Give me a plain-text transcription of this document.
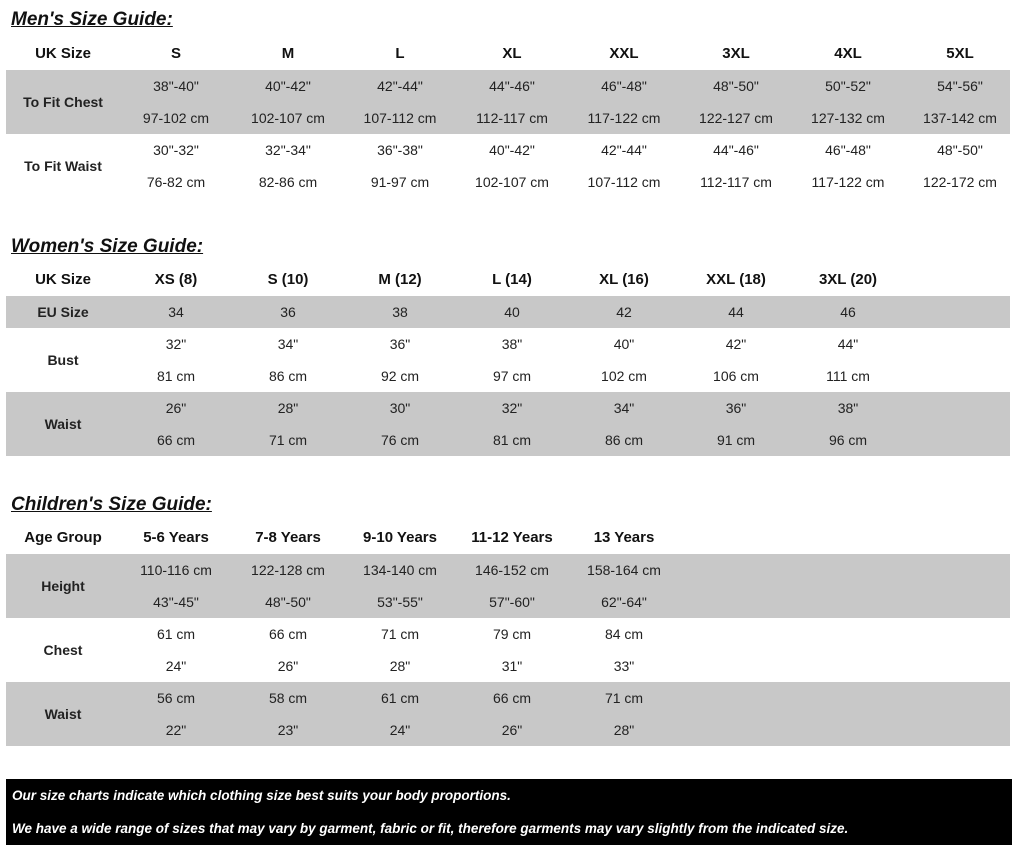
Men's Size Guide:
UK Size	S	M	L	XL	XXL	3XL	4XL	5XL
To Fit Chest
38"-40"	40"-42"	42"-44"	44"-46"	46"-48"	48"-50"	50"-52"	54"-56"
97-102 cm	102-107 cm	107-112 cm	112-117 cm	117-122 cm	122-127 cm	127-132 cm	137-142 cm
To Fit Waist
30"-32"	32"-34"	36"-38"	40"-42"	42"-44"	44"-46"	46"-48"	48"-50"
76-82 cm	82-86 cm	91-97 cm	102-107 cm	107-112 cm	112-117 cm	117-122 cm	122-172 cm
Women's Size Guide:
UK Size	XS (8)	S (10)	M (12)	L (14)	XL (16)	XXL (18)	3XL (20)
EU Size	34	36	38	40	42	44	46
Bust
32"	34"	36"	38"	40"	42"	44"
81 cm	86 cm	92 cm	97 cm	102 cm	106 cm	111 cm
Waist
26"	28"	30"	32"	34"	36"	38"
66 cm	71 cm	76 cm	81 cm	86 cm	91 cm	96 cm
Children's Size Guide:
Age Group	5-6 Years	7-8 Years	9-10 Years	11-12 Years	13 Years
Height
110-116 cm	122-128 cm	134-140 cm	146-152 cm	158-164 cm
43"-45"	48"-50"	53"-55"	57"-60"	62"-64"
Chest
61 cm	66 cm	71 cm	79 cm	84 cm
24"	26"	28"	31"	33"
Waist
56 cm	58 cm	61 cm	66 cm	71 cm
22"	23"	24"	26"	28"
Our size charts indicate which clothing size best suits your body proportions.
We have a wide range of sizes that may vary by garment, fabric or fit, therefore garments may vary slightly from the indicated size.
